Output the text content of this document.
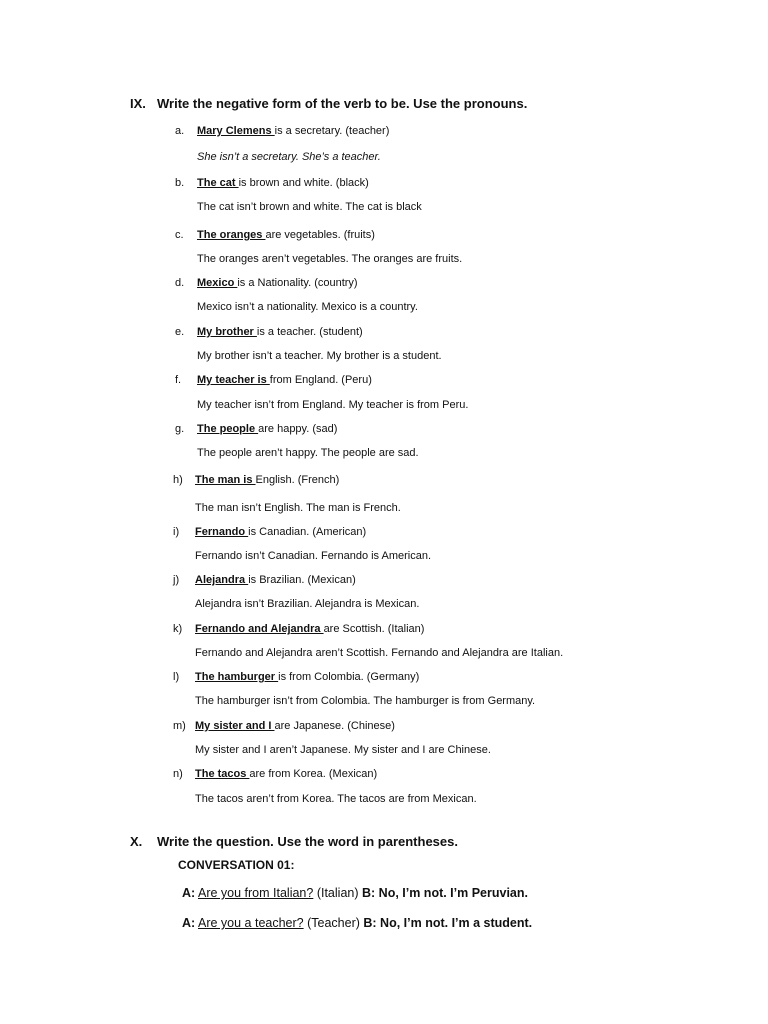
IX. Write the negative form of the verb to be. Use the pronouns.
a. Mary Clemens is a secretary. (teacher)
She isn’t a secretary. She’s a teacher.
b. The cat is brown and white. (black)
The cat isn’t brown and white. The cat is black
c. The oranges are vegetables. (fruits)
The oranges aren’t vegetables. The oranges are fruits.
d. Mexico is a Nationality. (country)
Mexico isn’t a nationality. Mexico is a country.
e. My brother is a teacher. (student)
My brother isn’t a teacher. My brother is a student.
f. My teacher is from England. (Peru)
My teacher isn’t from England. My teacher is from Peru.
g. The people are happy. (sad)
The people aren’t happy. The people are sad.
h) The man is English. (French)
The man isn’t English. The man is French.
i) Fernando is Canadian. (American)
Fernando isn’t Canadian. Fernando is American.
j) Alejandra is Brazilian. (Mexican)
Alejandra isn’t Brazilian. Alejandra is Mexican.
k) Fernando and Alejandra are Scottish. (Italian)
Fernando and Alejandra aren’t Scottish. Fernando and Alejandra are Italian.
l) The hamburger is from Colombia. (Germany)
The hamburger isn’t from Colombia. The hamburger is from Germany.
m) My sister and I are Japanese. (Chinese)
My sister and I aren’t Japanese. My sister and I are Chinese.
n) The tacos are from Korea. (Mexican)
The tacos aren’t from Korea. The tacos are from Mexican.
X. Write the question. Use the word in parentheses.
CONVERSATION 01:
A: Are you from Italian? (Italian) B: No, I’m not. I’m Peruvian.
A: Are you a teacher? (Teacher) B: No, I’m not. I’m a student.
